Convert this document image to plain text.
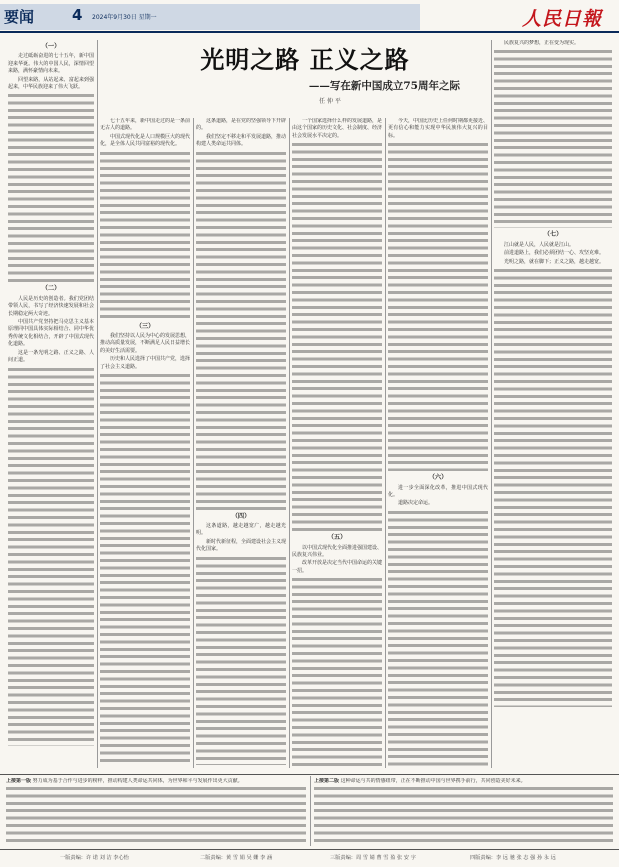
要闻	4 2024年9月30日 星期一	人民日報
光明之路 正义之路
——写在新中国成立75周年之际
任 仲 平
（一）

走过砥砺奋进的七十五年，新中国迎来华诞。伟大的中国人民，深情回望来路，满怀豪情向未来。

回望来路，从站起来、富起来到强起来，中华民族迎来了伟大飞跃。

（二）

人民是历史的创造者。我们党团结带领人民，书写了经济快速发展和社会长期稳定两大奇迹。

中国共产党坚持把马克思主义基本原理同中国具体实际相结合、同中华优秀传统文化相结合，开辟了中国式现代化道路。

这是一条光明之路、正义之路、人间正道。

七十五年来，新中国走过的是一条前无古人的道路。

中国式现代化是人口规模巨大的现代化，是全体人民共同富裕的现代化。

（三）

我们坚持以人民为中心的发展思想，推动高质量发展，不断满足人民日益增长的美好生活需要。

历史和人民选择了中国共产党，选择了社会主义道路。

这条道路，是在党的坚强领导下开辟的。

我们坚定不移走和平发展道路，推动构建人类命运共同体。

（四）

这条道路，越走越宽广，越走越光明。

新时代新征程，全面建设社会主义现代化国家。

一个国家选择什么样的发展道路，是由这个国家的历史文化、社会制度、经济社会发展水平决定的。

（五）

以中国式现代化全面推进强国建设、民族复兴伟业。

改革开放是决定当代中国命运的关键一招。

今天，中国比历史上任何时期都更接近、更有信心和能力实现中华民族伟大复兴的目标。

（六）

进一步全面深化改革，推进中国式现代化。

道路决定命运。

民族复兴的梦想，正在变为现实。

（七）

江山就是人民，人民就是江山。

前进道路上，我们必须团结一心、攻坚克难。

光明之路，就在脚下；正义之路，越走越宽。

上接第一版 努力成为基于合作与进步的榜样，推动构建人类命运共同体，为世界和平与发展作出更大贡献。	上接第二版 这种命运与共的情感纽带，正在不断推动中国与世界携手前行，共同创造美好未来。
一版责编：许 诺 刘 洁 李心怡	二版责编：黄 雪 娟 吴 姗 李 涵	三版责编：周 雪 婧 曹 雪 盈 张 安 宇	四版责编：李 远 驰 张 志 强 孙 永 远
